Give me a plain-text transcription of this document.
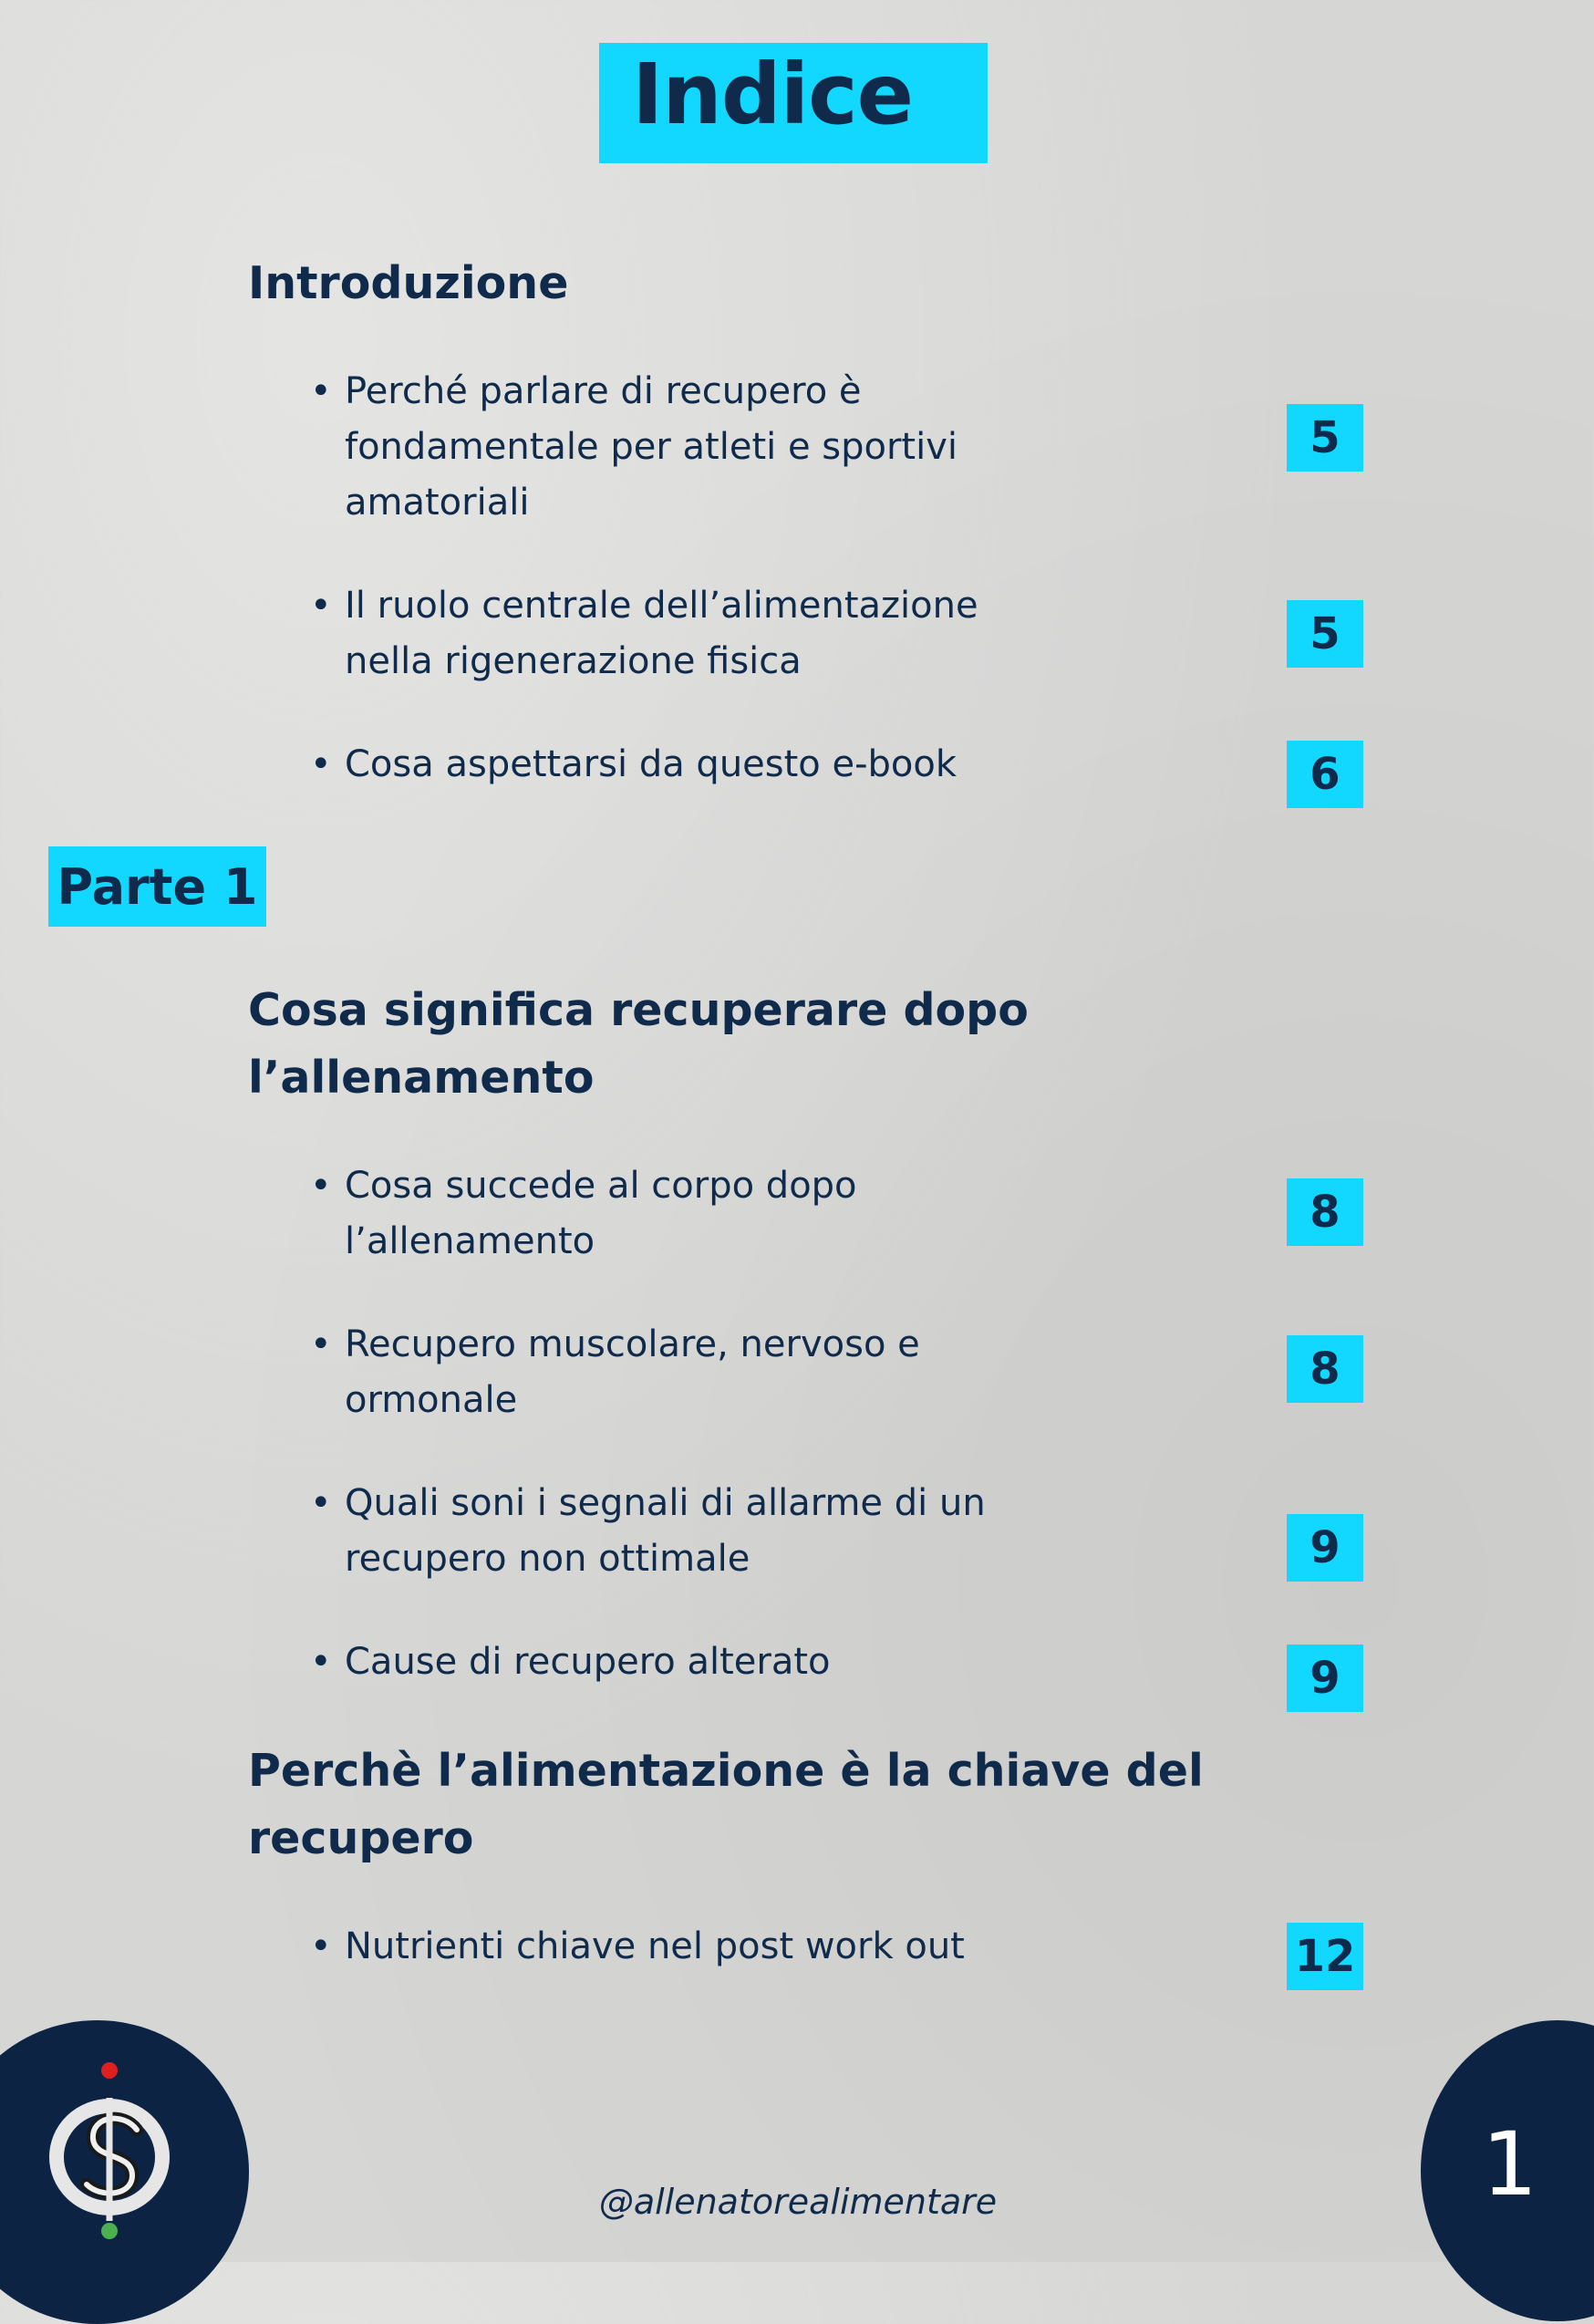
Indice
Introduzione
• Perché parlare di recupero è fondamentale per atleti e sportivi amatoriali
5
• Il ruolo centrale dell’alimentazione nella rigenerazione fisica
5
• Cosa aspettarsi da questo e-book	6
Parte 1
Cosa significa recuperare dopo l’allenamento
• Cosa succede al corpo dopo l’allenamento
8
• Recupero muscolare, nervoso e ormonale
8
• Quali soni i segnali di allarme di un recupero non ottimale	9
• Cause di recupero alterato	9
Perchè l’alimentazione è la chiave del recupero
• Nutrienti chiave nel post work out	12
1
@allenatorealimentare
